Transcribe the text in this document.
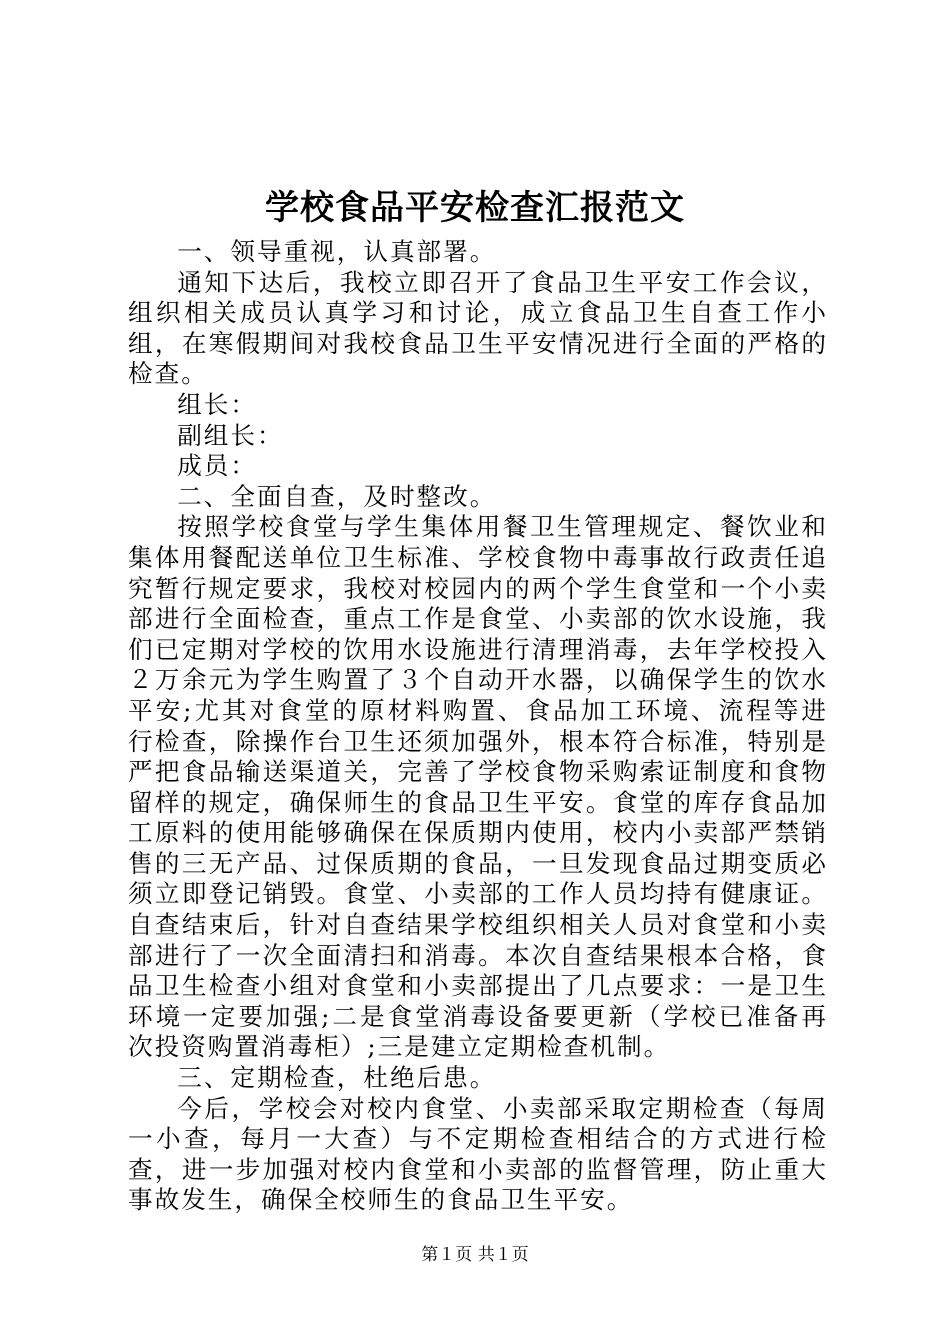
学校食品平安检查汇报范文

一、领导重视，认真部署。

通知下达后，我校立即召开了食品卫生平安工作会议，组织相关成员认真学习和讨论，成立食品卫生自查工作小组，在寒假期间对我校食品卫生平安情况进行全面的严格的检查。

组长：

副组长：

成员：

二、全面自查，及时整改。

按照学校食堂与学生集体用餐卫生管理规定、餐饮业和集体用餐配送单位卫生标准、学校食物中毒事故行政责任追究暂行规定要求，我校对校园内的两个学生食堂和一个小卖部进行全面检查，重点工作是食堂、小卖部的饮水设施，我们已定期对学校的饮用水设施进行清理消毒，去年学校投入２万余元为学生购置了３个自动开水器，以确保学生的饮水平安;尤其对食堂的原材料购置、食品加工环境、流程等进行检查，除操作台卫生还须加强外，根本符合标准，特别是严把食品输送渠道关，完善了学校食物采购索证制度和食物留样的规定，确保师生的食品卫生平安。食堂的库存食品加工原料的使用能够确保在保质期内使用，校内小卖部严禁销售的三无产品、过保质期的食品，一旦发现食品过期变质必须立即登记销毁。食堂、小卖部的工作人员均持有健康证。自查结束后，针对自查结果学校组织相关人员对食堂和小卖部进行了一次全面清扫和消毒。本次自查结果根本合格，食品卫生检查小组对食堂和小卖部提出了几点要求：一是卫生环境一定要加强;二是食堂消毒设备要更新（学校已准备再次投资购置消毒柜）;三是建立定期检查机制。

三、定期检查，杜绝后患。

今后，学校会对校内食堂、小卖部采取定期检查（每周一小查，每月一大查）与不定期检查相结合的方式进行检查，进一步加强对校内食堂和小卖部的监督管理，防止重大事故发生，确保全校师生的食品卫生平安。

第１页 共１页
